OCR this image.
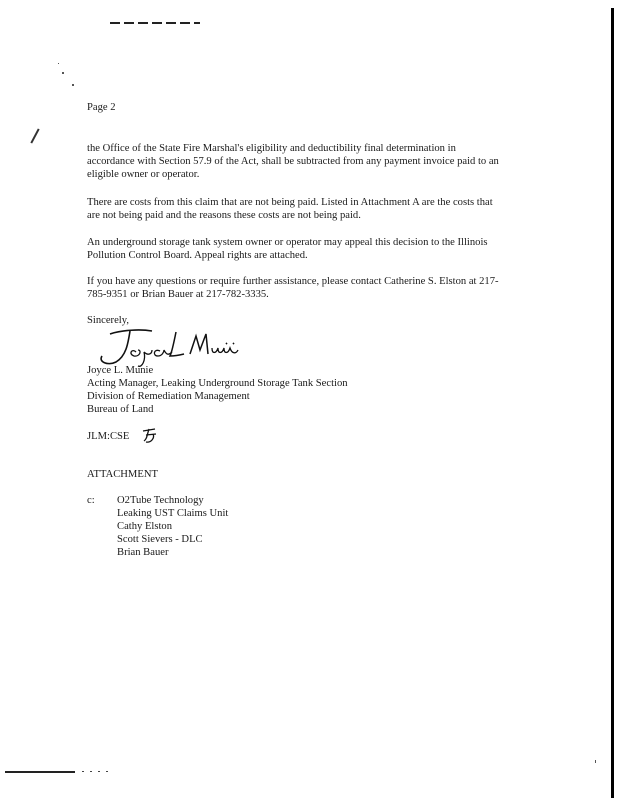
Page 2
the Office of the State Fire Marshal's eligibility and deductibility final determination in
accordance with Section 57.9 of the Act, shall be subtracted from any payment invoice paid to an
eligible owner or operator.
There are costs from this claim that are not being paid. Listed in Attachment A are the costs that
are not being paid and the reasons these costs are not being paid.
An underground storage tank system owner or operator may appeal this decision to the Illinois
Pollution Control Board. Appeal rights are attached.
If you have any questions or require further assistance, please contact Catherine S. Elston at 217-
785-9351 or Brian Bauer at 217-782-3335.
Sincerely,
Joyce L. Munie
Acting Manager, Leaking Underground Storage Tank Section
Division of Remediation Management
Bureau of Land
JLM:CSE
ATTACHMENT
c: O2Tube Technology
Leaking UST Claims Unit
Cathy Elston
Scott Sievers - DLC
Brian Bauer
